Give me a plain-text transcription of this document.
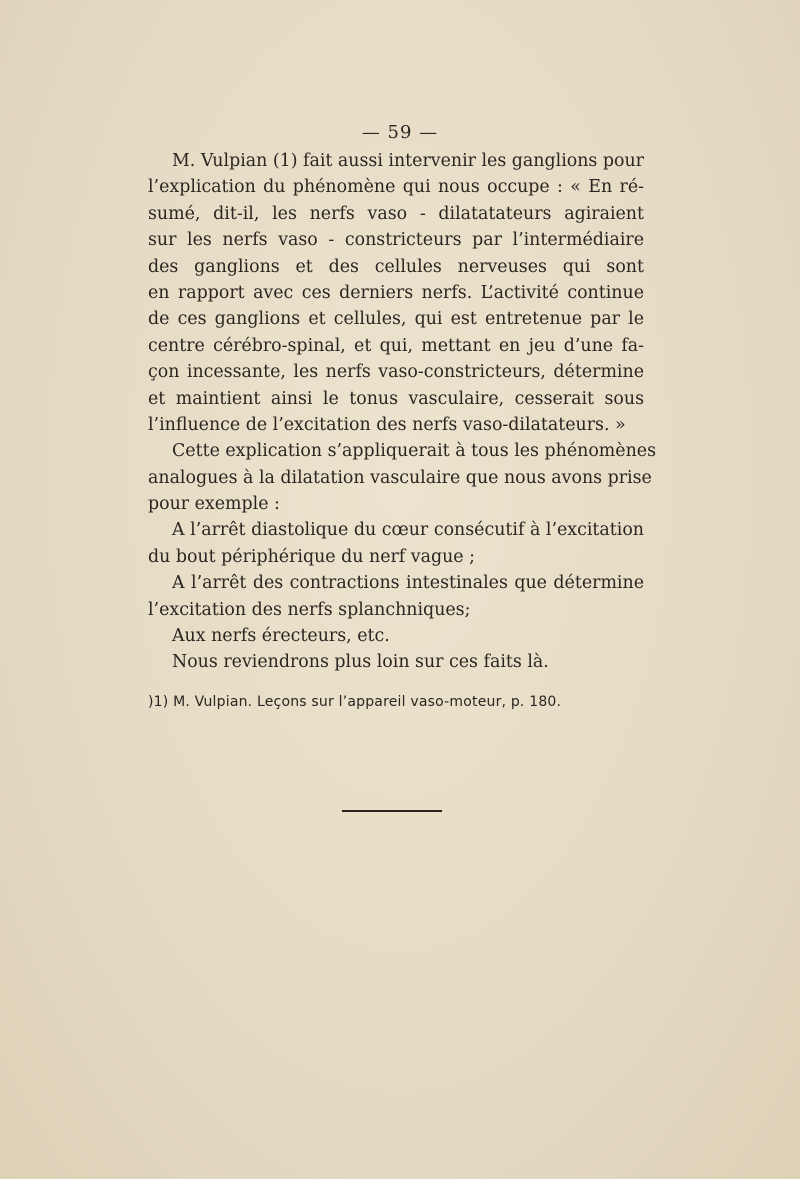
— 59 —
M. Vulpian (1) fait aussi intervenir les ganglions pour
l’explication du phénomène qui nous occupe : « En ré-
sumé, dit-il, les nerfs vaso - dilatatateurs agiraient
sur les nerfs vaso - constricteurs par l’intermédiaire
des ganglions et des cellules nerveuses qui sont
en rapport avec ces derniers nerfs. L’activité continue
de ces ganglions et cellules, qui est entretenue par le
centre cérébro-spinal, et qui, mettant en jeu d’une fa-
çon incessante, les nerfs vaso-constricteurs, détermine
et maintient ainsi le tonus vasculaire, cesserait sous
l’influence de l’excitation des nerfs vaso-dilatateurs. »
Cette explication s’appliquerait à tous les phénomènes
analogues à la dilatation vasculaire que nous avons prise
pour exemple :
A l’arrêt diastolique du cœur consécutif à l’excitation
du bout périphérique du nerf vague ;
A l’arrêt des contractions intestinales que détermine
l’excitation des nerfs splanchniques;
Aux nerfs érecteurs, etc.
Nous reviendrons plus loin sur ces faits là.
)1) M. Vulpian. Leçons sur l’appareil vaso-moteur, p. 180.
